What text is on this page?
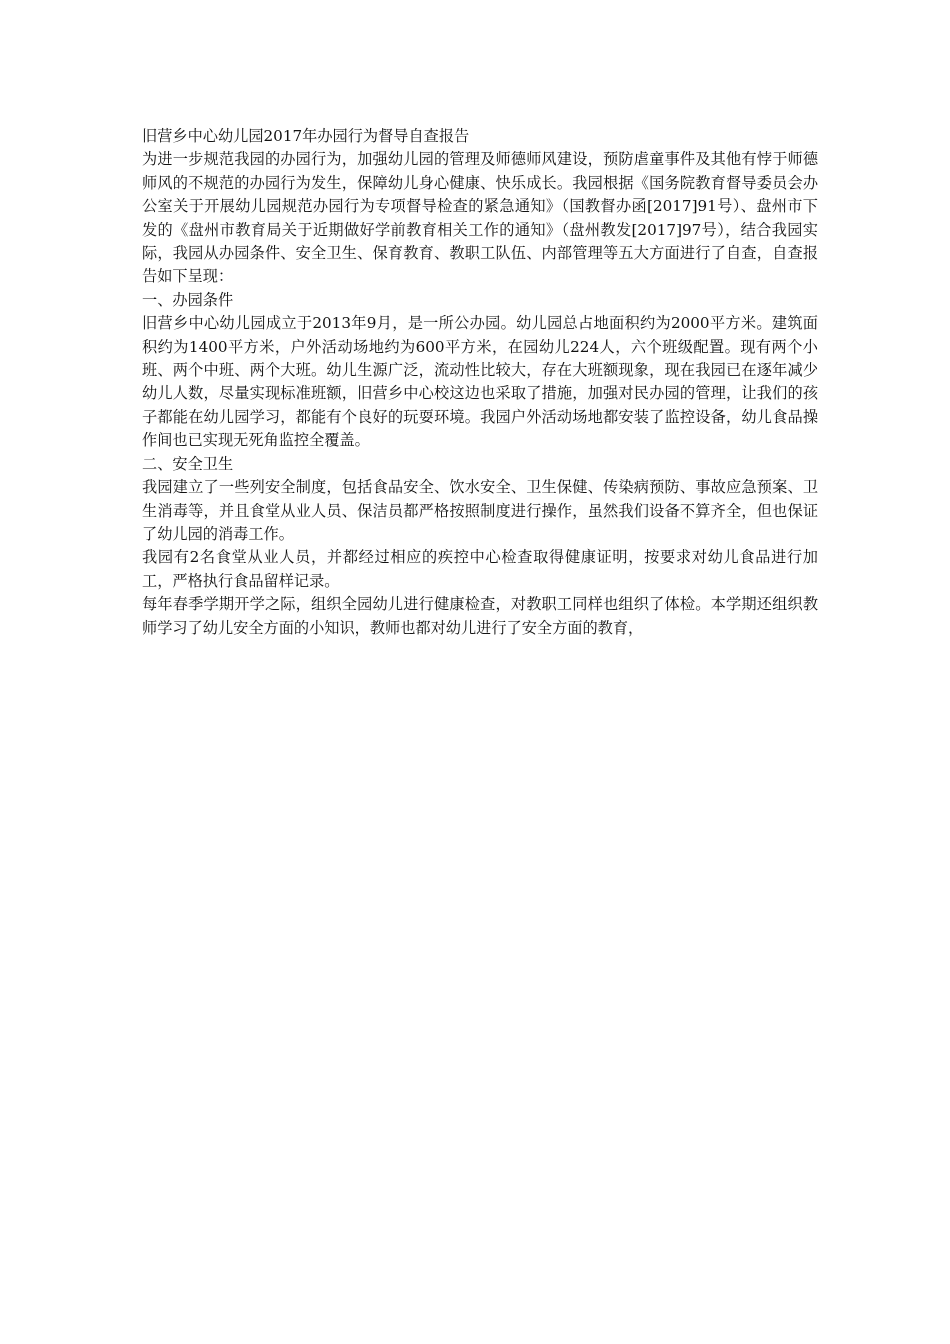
旧营乡中心幼儿园2017年办园行为督导自查报告

为进一步规范我园的办园行为，加强幼儿园的管理及师德师风建设，预防虐童事件及其他有悖于师德师风的不规范的办园行为发生，保障幼儿身心健康、快乐成长。我园根据《国务院教育督导委员会办公室关于开展幼儿园规范办园行为专项督导检查的紧急通知》（国教督办函[2017]91号）、盘州市下发的《盘州市教育局关于近期做好学前教育相关工作的通知》（盘州教发[2017]97号），结合我园实际，我园从办园条件、安全卫生、保育教育、教职工队伍、内部管理等五大方面进行了自查，自查报告如下呈现：

一、办园条件

旧营乡中心幼儿园成立于2013年9月，是一所公办园。幼儿园总占地面积约为2000平方米。建筑面积约为1400平方米，户外活动场地约为600平方米，在园幼儿224人，六个班级配置。现有两个小班、两个中班、两个大班。幼儿生源广泛，流动性比较大，存在大班额现象，现在我园已在逐年减少幼儿人数，尽量实现标准班额，旧营乡中心校这边也采取了措施，加强对民办园的管理，让我们的孩子都能在幼儿园学习，都能有个良好的玩耍环境。我园户外活动场地都安装了监控设备，幼儿食品操作间也已实现无死角监控全覆盖。

二、安全卫生

我园建立了一些列安全制度，包括食品安全、饮水安全、卫生保健、传染病预防、事故应急预案、卫生消毒等，并且食堂从业人员、保洁员都严格按照制度进行操作，虽然我们设备不算齐全，但也保证了幼儿园的消毒工作。

我园有2名食堂从业人员，并都经过相应的疾控中心检查取得健康证明，按要求对幼儿食品进行加工，严格执行食品留样记录。

每年春季学期开学之际，组织全园幼儿进行健康检查，对教职工同样也组织了体检。本学期还组织教师学习了幼儿安全方面的小知识，教师也都对幼儿进行了安全方面的教育，
